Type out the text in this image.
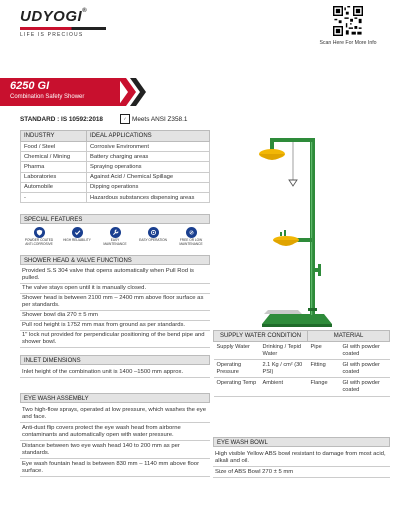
UDYOGI®
LIFE IS PRECIOUS
Scan Here For More Info
6250 GI
Combination Safety Shower
STANDARD : IS 10592:2018	✓ Meets ANSI Z358.1
INDUSTRY	IDEAL APPLICATIONS
Food / Steel	Corrosive Environment
Chemical / Mining	Battery charging areas
Pharma	Spraying operations
Laboratories	Against Acid / Chemical Spillage
Automobile	Dipping operations
-	Hazardous substances dispensing areas
SPECIAL FEATURES
POWDER COATED ANTI-CORROSIVE
HIGH RELIABILITY	EASY MAINTENANCE
EASY OPERATION	FREE OR LOW MAINTENANCE
SHOWER HEAD & VALVE FUNCTIONS
Provided S.S 304 valve that opens automatically when Pull Rod is pulled.
The valve stays open until it is manually closed.
Shower head is between 2100 mm – 2400 mm above floor surface as per standards.
Shower bowl dia 270 ± 5 mm
Pull rod height is 1752 mm max from ground as per standards.
1" lock nut provided for perpendicular positioning of the bend pipe and shower bowl.
INLET DIMENSIONS
Inlet height of the combination unit is 1400 –1500 mm approx.
EYE WASH ASSEMBLY
Two high-flow sprays, operated at low pressure, which washes the eye and face.
Anti-dust flip covers protect the eye wash head from airborne contaminants and automatically open with water pressure.
Distance between two eye wash head 140 to 200 mm as per standards.
Eye wash fountain head is between 830 mm – 1140 mm above floor surface.
SUPPLY WATER CONDITION		MATERIAL	
Supply Water	Drinking / Tepid Water	Pipe	GI with powder coated
Operating Pressure	2.1 Kg / cm² (30 PSI)	Fitting	GI with powder coated
Operating Temp	Ambient	Flange	GI with powder coated
EYE WASH BOWL
High visible Yellow ABS bowl resistant to damage from most acid, alkali and oil.
Size of ABS Bowl 270 ± 5 mm
